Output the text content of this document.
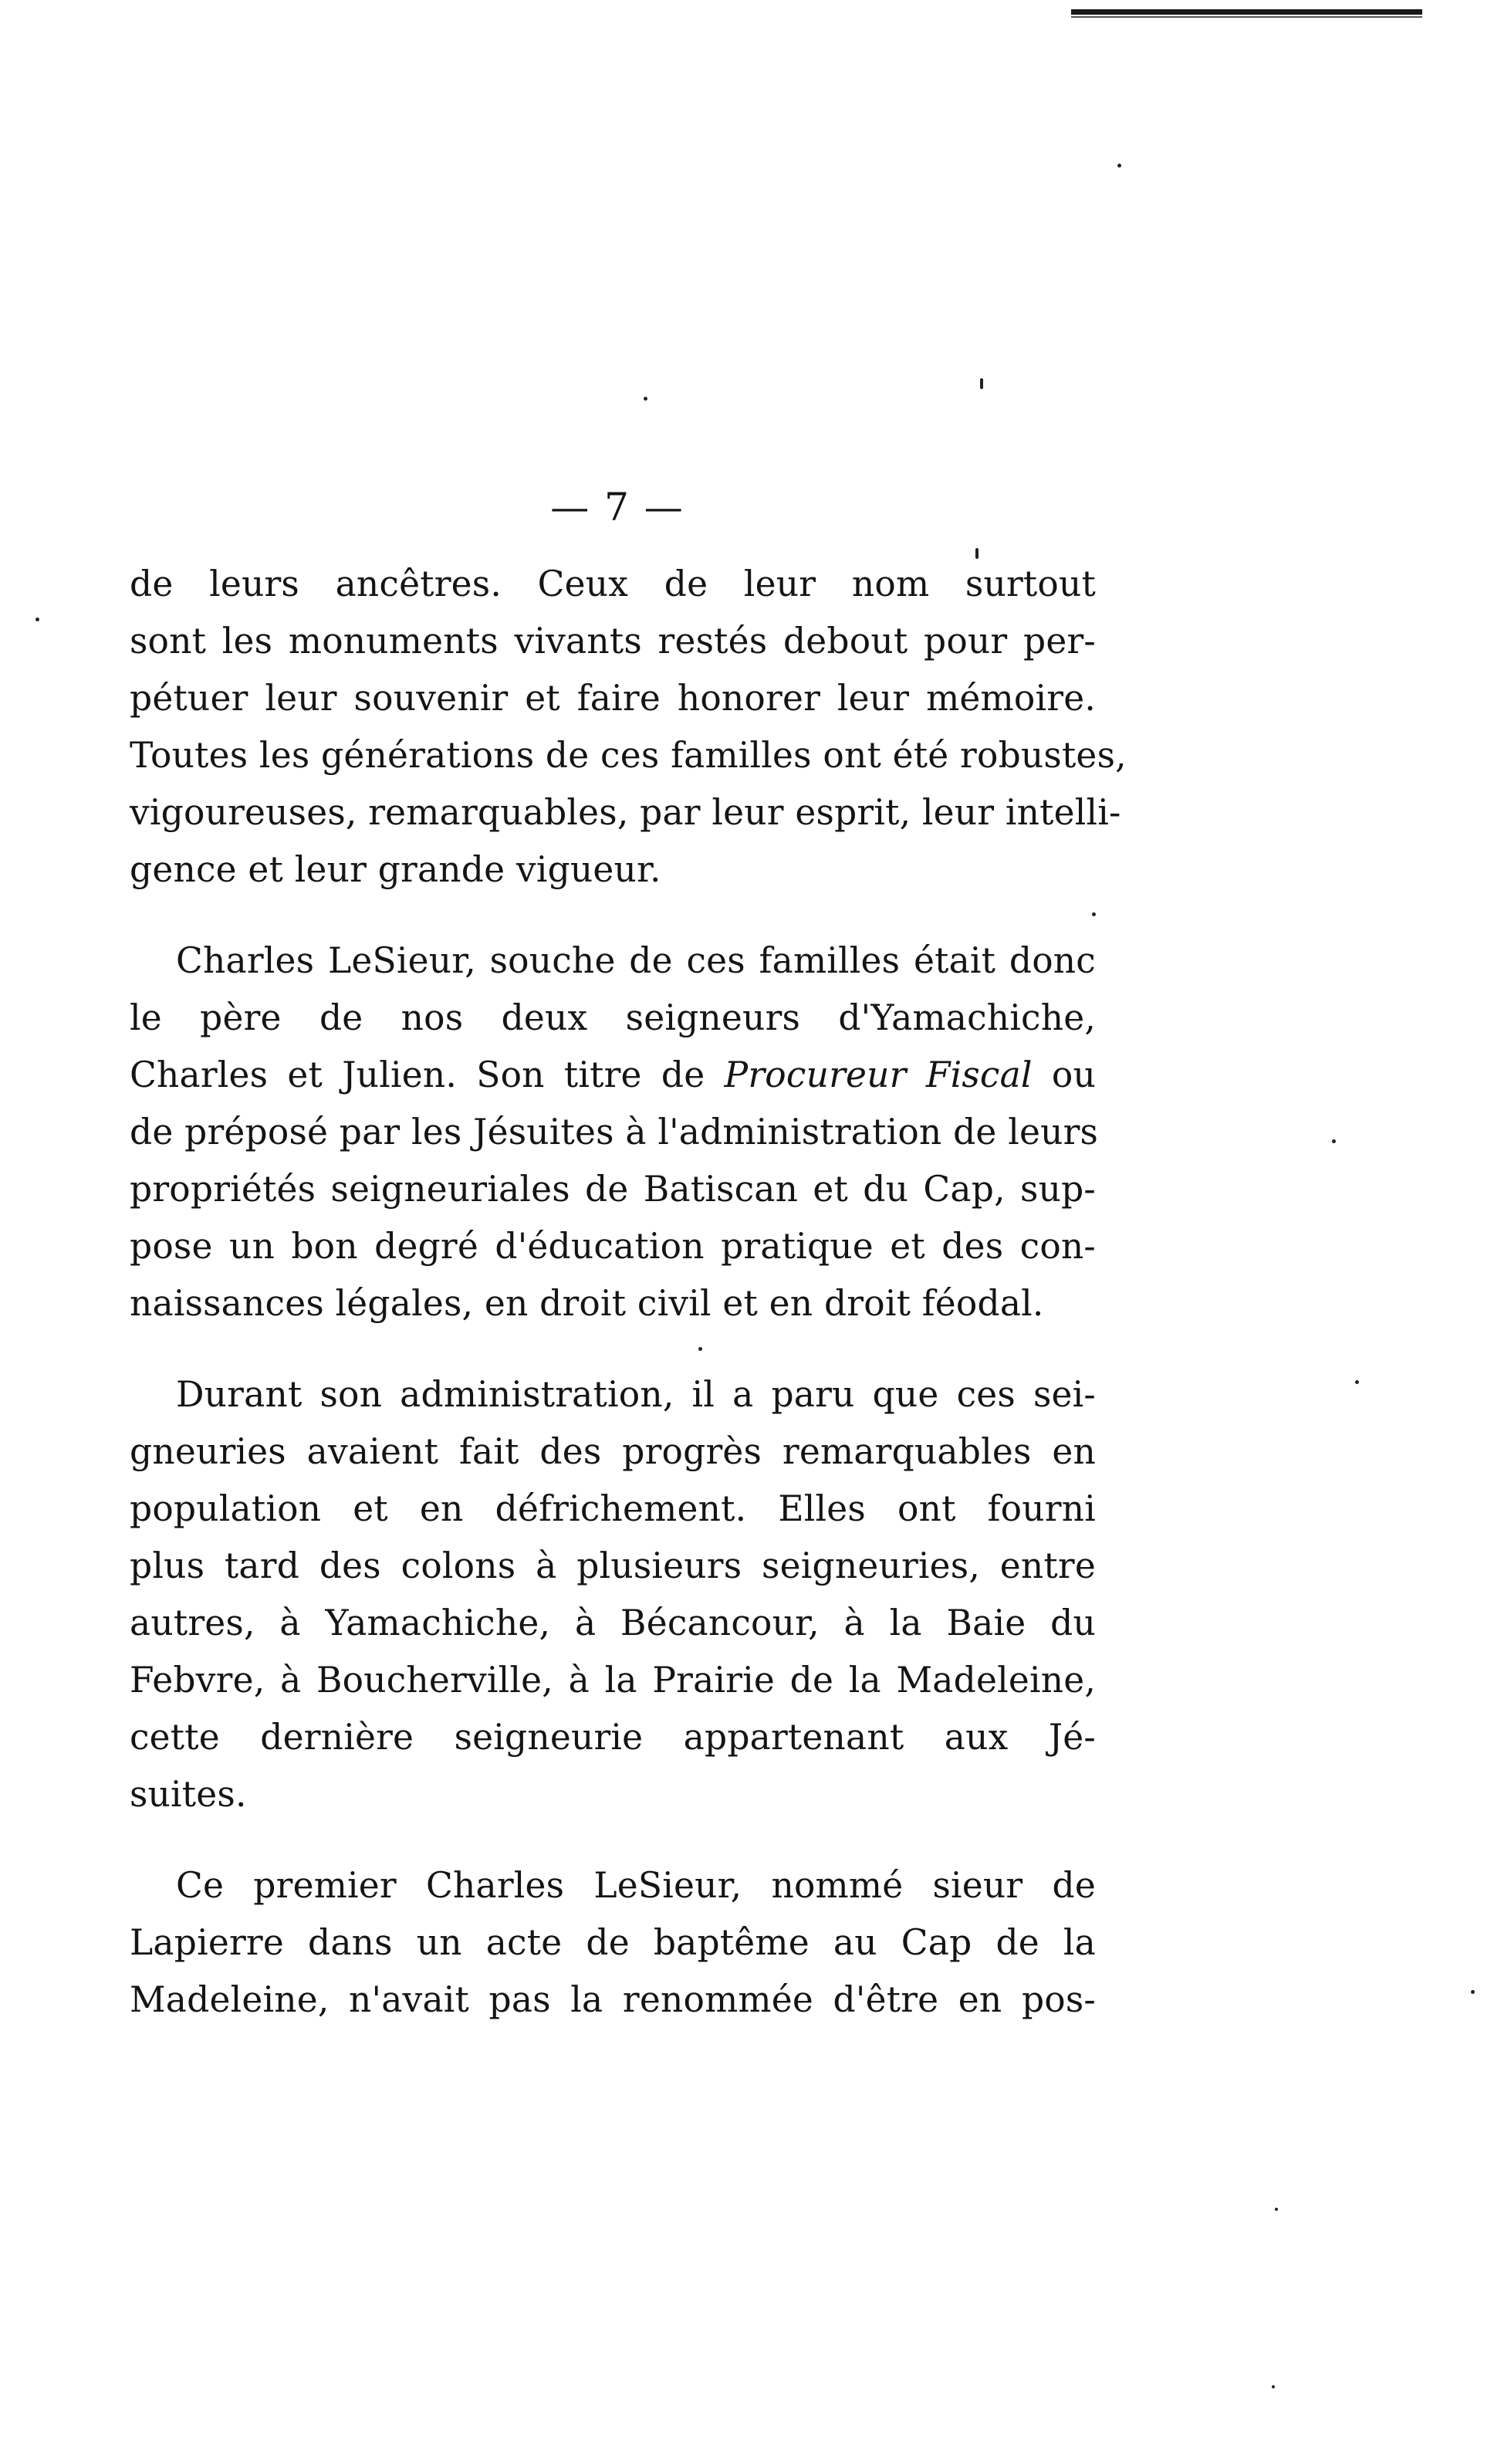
— 7 —
de leurs ancêtres. Ceux de leur nom surtout
sont les monuments vivants restés debout pour per-
pétuer leur souvenir et faire honorer leur mémoire.
Toutes les générations de ces familles ont été robustes,
vigoureuses, remarquables, par leur esprit, leur intelli-
gence et leur grande vigueur.
Charles LeSieur, souche de ces familles était donc
le père de nos deux seigneurs d'Yamachiche,
Charles et Julien. Son titre de Procureur Fiscal ou
de préposé par les Jésuites à l'administration de leurs
propriétés seigneuriales de Batiscan et du Cap, sup-
pose un bon degré d'éducation pratique et des con-
naissances légales, en droit civil et en droit féodal.
Durant son administration, il a paru que ces sei-
gneuries avaient fait des progrès remarquables en
population et en défrichement. Elles ont fourni
plus tard des colons à plusieurs seigneuries, entre
autres, à Yamachiche, à Bécancour, à la Baie du
Febvre, à Boucherville, à la Prairie de la Madeleine,
cette dernière seigneurie appartenant aux Jé-
suites.
Ce premier Charles LeSieur, nommé sieur de
Lapierre dans un acte de baptême au Cap de la
Madeleine, n'avait pas la renommée d'être en pos-
